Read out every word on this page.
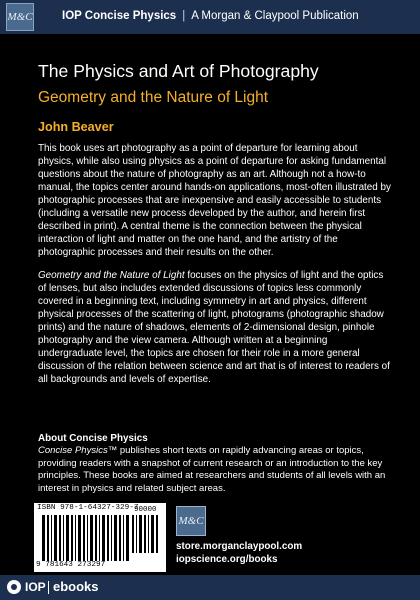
M&C	IOP Concise Physics | A Morgan & Claypool Publication
The Physics and Art of Photography
Geometry and the Nature of Light
John Beaver

This book uses art photography as a point of departure for learning about physics, while also using physics as a point of departure for asking fundamental questions about the nature of photography as an art. Although not a how-to manual, the topics center around hands-on applications, most-often illustrated by photographic processes that are inexpensive and easily accessible to students (including a versatile new process developed by the author, and herein first described in print). A central theme is the connection between the physical interaction of light and matter on the one hand, and the artistry of the photographic processes and their results on the other.

Geometry and the Nature of Light focuses on the physics of light and the optics of lenses, but also includes extended discussions of topics less commonly covered in a beginning text, including symmetry in art and physics, different physical processes of the scattering of light, photograms (photographic shadow prints) and the nature of shadows, elements of 2-dimensional design, pinhole photography and the view camera. Although written at a beginning undergraduate level, the topics are chosen for their role in a more general discussion of the relation between science and art that is of interest to readers of all backgrounds and levels of expertise.

About Concise Physics

Concise Physics™ publishes short texts on rapidly advancing areas or topics, providing readers with a snapshot of current research or an introduction to the key principles. These books are aimed at researchers and students of all levels with an interest in physics and related subject areas.

ISBN 978-1-64327-329-7
9 781643 273297
90000
M&C
store.morganclaypool.com
iopscience.org/books
IOP ebooks
